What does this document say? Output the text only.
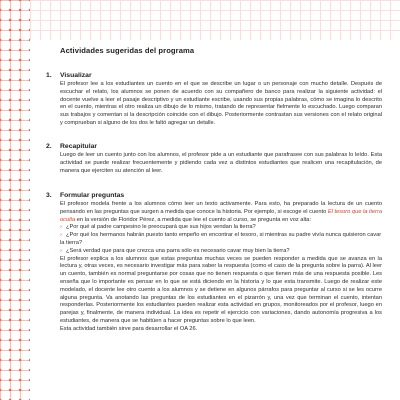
Actividades sugeridas del programa
1. Visualizar

El profesor lee a los estudiantes un cuento en el que se describe un lugar o un personaje con mucho detalle. Después de escuchar el relato, los alumnos se ponen de acuerdo con su compañero de banco para realizar la siguiente actividad: el docente vuelve a leer el pasaje descriptivo y un estudiante escribe, usando sus propias palabras, cómo se imagina lo descrito en el cuento, mientras el otro realiza un dibujo de lo mismo, tratando de representar fielmente lo escuchado. Luego comparan sus trabajos y comentan si la descripción coincide con el dibujo. Posteriormente contrastan sus versiones con el relato original y comprueban si alguno de los dos le faltó agregar un detalle.

2. Recapitular

Luego de leer un cuento junto con los alumnos, el profesor pide a un estudiante que parafrasee con sus palabras lo leído. Esta actividad se puede realizar frecuentemente y pidiendo cada vez a distintos estudiantes que realicen una recapitulación, de manera que ejerciten su atención al leer.

3. Formular preguntas

El profesor modela frente a los alumnos cómo leer un texto activamente. Para esto, ha preparado la lectura de un cuento pensando en las preguntas que surgen a medida que conoce la historia. Por ejemplo, si escoge el cuento El tesoro que la tierra oculta en la versión de Floridor Pérez, a medida que lee el cuento al curso, se pregunta en voz alta:

› ¿Por qué al padre campesino le preocupará que sus hijos vendan la tierra?
› ¿Por qué los hermanos habrán puesto tanto empeño en encontrar el tesoro, si mientras su padre vivía nunca quisieron cavar la tierra?
› ¿Será verdad que para que crezca una parra sólo es necesario cavar muy bien la tierra?

El profesor explica a los alumnos que estas preguntas muchas veces se pueden responder a medida que se avanza en la lectura y, otras veces, es necesario investigar más para saber la respuesta (como el caso de la pregunta sobre la parra). Al leer un cuento, también es normal preguntarse por cosas que no tienen respuesta o que tienen más de una respuesta posible. Les enseña que lo importante es pensar en lo que se está diciendo en la historia y lo que esta transmite. Luego de realizar este modelado, el docente lee otro cuento a los alumnos y se detiene en algunos párrafos para preguntar al curso si se les ocurre alguna pregunta. Va anotando las preguntas de los estudiantes en el pizarrón y, una vez que terminan el cuento, intentan responderlas. Posteriormente los estudiantes pueden realizar esta actividad en grupos, monitoreados por el profesor, luego en parejas y, finalmente, de manera individual. La idea es repetir el ejercicio con variaciones, dando autonomía progresiva a los estudiantes, de manera que se habitúen a hacer preguntas sobre lo que leen.

Esta actividad también sirve para desarrollar el OA 26.
